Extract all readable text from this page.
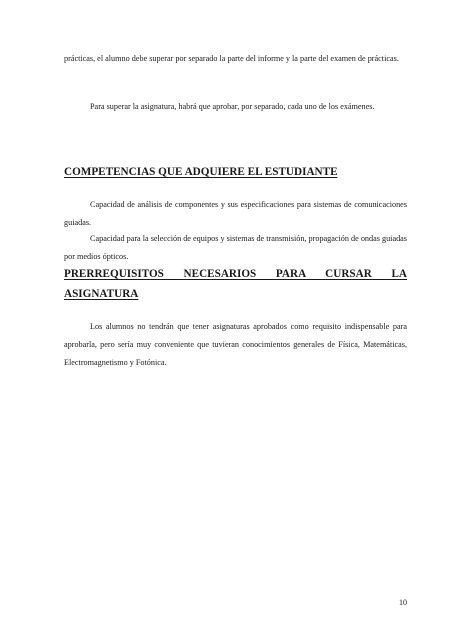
prácticas, el alumno debe superar por separado la parte del informe y la parte del examen de prácticas.

Para superar la asignatura, habrá que aprobar, por separado, cada uno de los exámenes.

COMPETENCIAS QUE ADQUIERE EL ESTUDIANTE

Capacidad de análisis de componentes y sus especificaciones para sistemas de comunicaciones guiadas.

Capacidad para la selección de equipos y sistemas de transmisión, propagación de ondas guiadas por medios ópticos.

PRERREQUISITOS NECESARIOS PARA CURSAR LA ASIGNATURA

Los alumnos no tendrán que tener asignaturas aprobados como requisito indispensable para aprobarla, pero sería muy conveniente que tuvieran conocimientos generales de Física, Matemáticas, Electromagnetismo y Fotónica.

10
